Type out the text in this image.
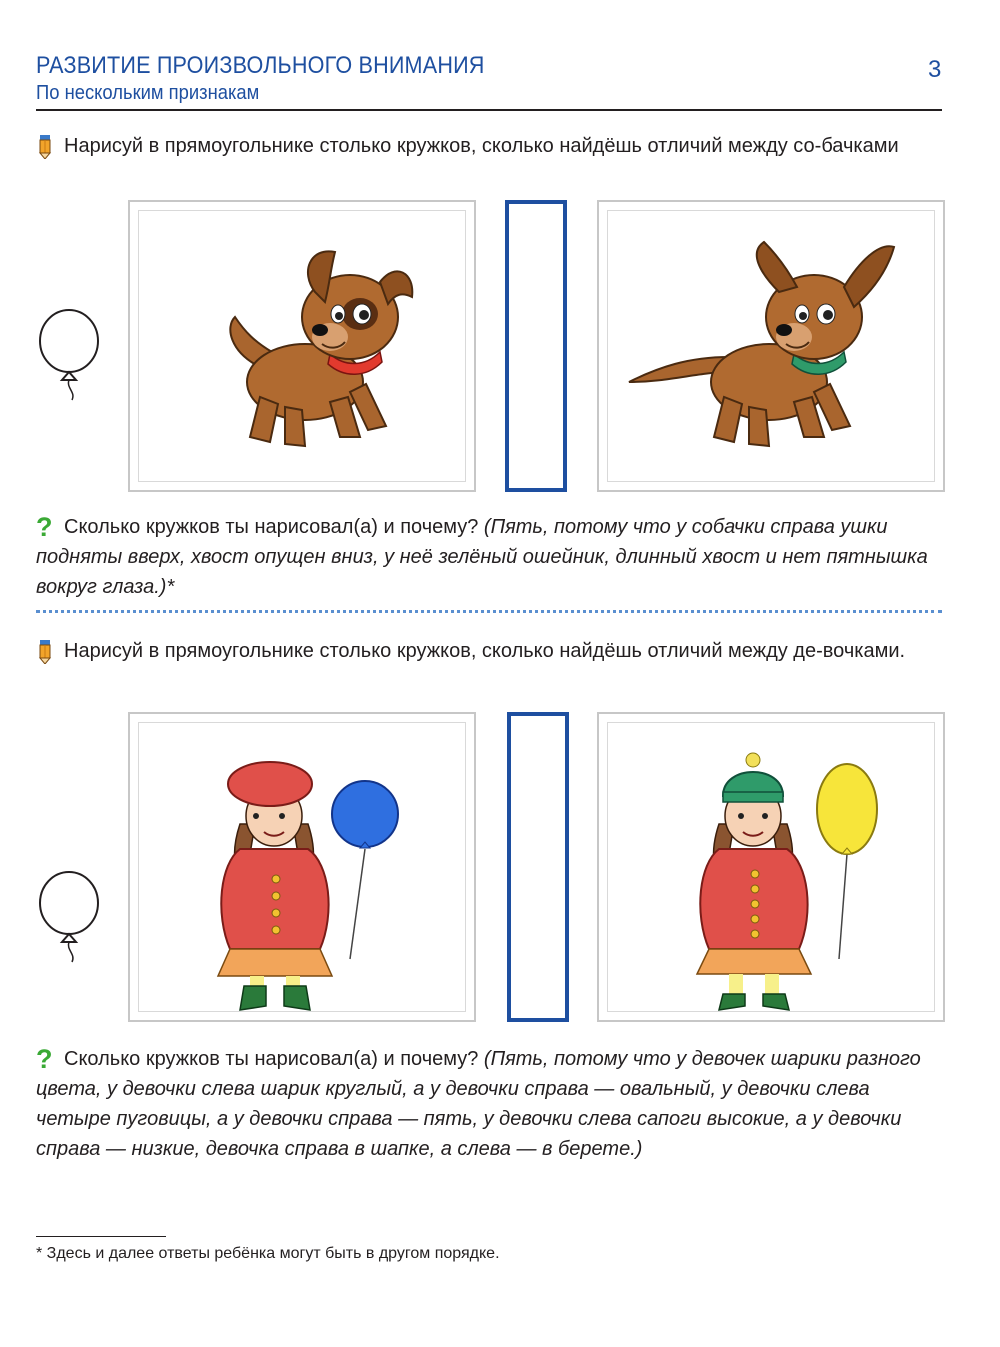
РАЗВИТИЕ ПРОИЗВОЛЬНОГО ВНИМАНИЯ
По нескольким признакам
3
Нарисуй в прямоугольнике столько кружков, сколько найдёшь отличий между со-бачками
? Сколько кружков ты нарисовал(а) и почему? (Пять, потому что у собачки справа ушки подняты вверх, хвост опущен вниз, у неё зелёный ошейник, длинный хвост и нет пятнышка вокруг глаза.)*
Нарисуй в прямоугольнике столько кружков, сколько найдёшь отличий между де-вочками.
? Сколько кружков ты нарисовал(а) и почему? (Пять, потому что у девочек шарики разного цвета, у девочки слева шарик круглый, а у девочки справа — овальный, у девочки слева четыре пуговицы, а у девочки справа — пять, у девочки слева сапоги высокие, а у девочки справа — низкие, девочка справа в шапке, а слева — в берете.)
* Здесь и далее ответы ребёнка могут быть в другом порядке.
